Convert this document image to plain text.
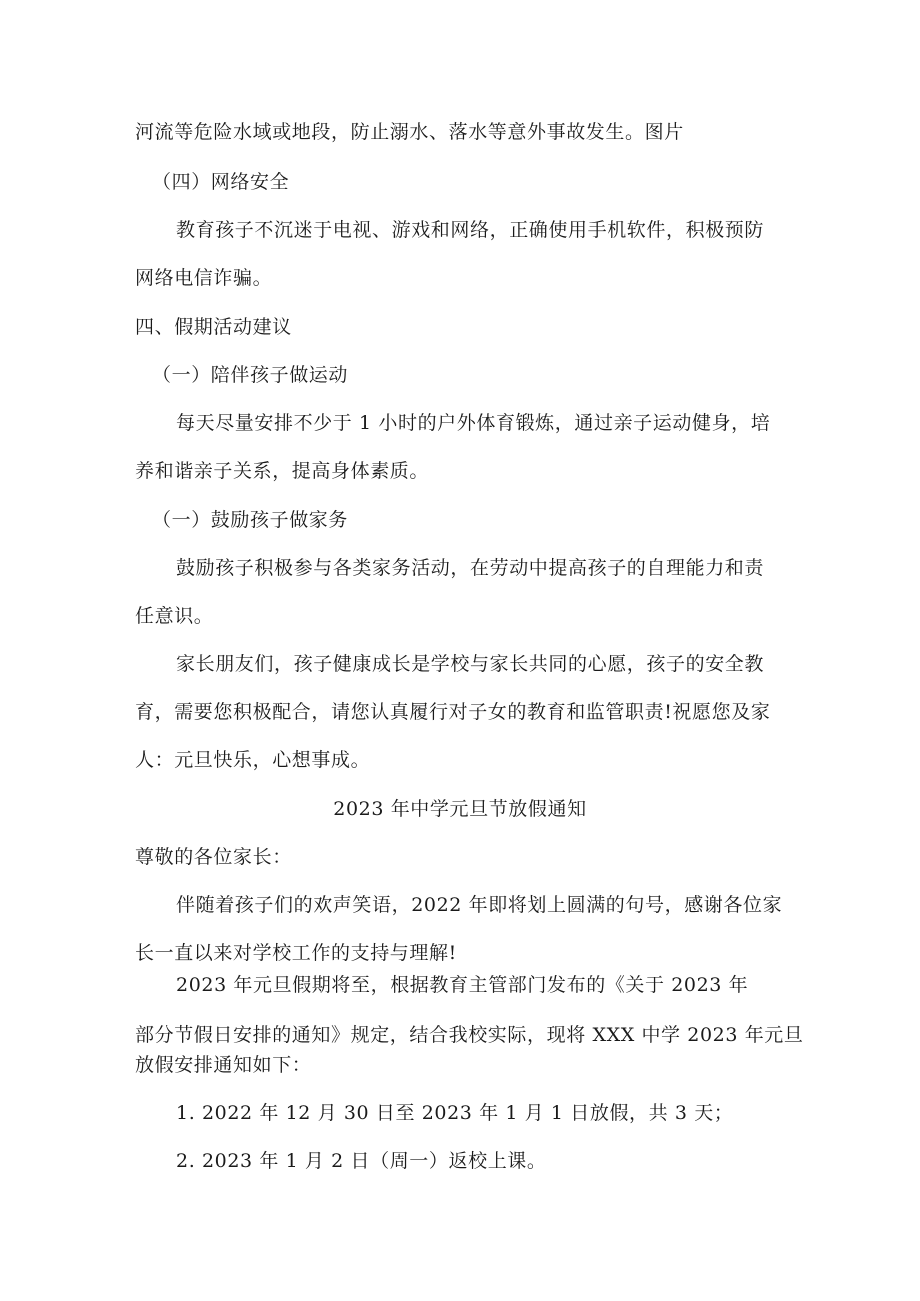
河流等危险水域或地段，防止溺水、落水等意外事故发生。图片
（四）网络安全
教育孩子不沉迷于电视、游戏和网络，正确使用手机软件，积极预防
网络电信诈骗。
四、假期活动建议
（一）陪伴孩子做运动
每天尽量安排不少于 1 小时的户外体育锻炼，通过亲子运动健身，培
养和谐亲子关系，提高身体素质。
（一）鼓励孩子做家务
鼓励孩子积极参与各类家务活动，在劳动中提高孩子的自理能力和责
任意识。
家长朋友们，孩子健康成长是学校与家长共同的心愿，孩子的安全教
育，需要您积极配合，请您认真履行对子女的教育和监管职责!祝愿您及家
人：元旦快乐，心想事成。
2023 年中学元旦节放假通知
尊敬的各位家长：
伴随着孩子们的欢声笑语，2022 年即将划上圆满的句号，感谢各位家
长一直以来对学校工作的支持与理解!
2023 年元旦假期将至，根据教育主管部门发布的《关于 2023 年
部分节假日安排的通知》规定，结合我校实际，现将 XXX 中学 2023 年元旦
放假安排通知如下：
1. 2022 年 12 月 30 日至 2023 年 1 月 1 日放假，共 3 天；
2. 2023 年 1 月 2 日（周一）返校上课。
